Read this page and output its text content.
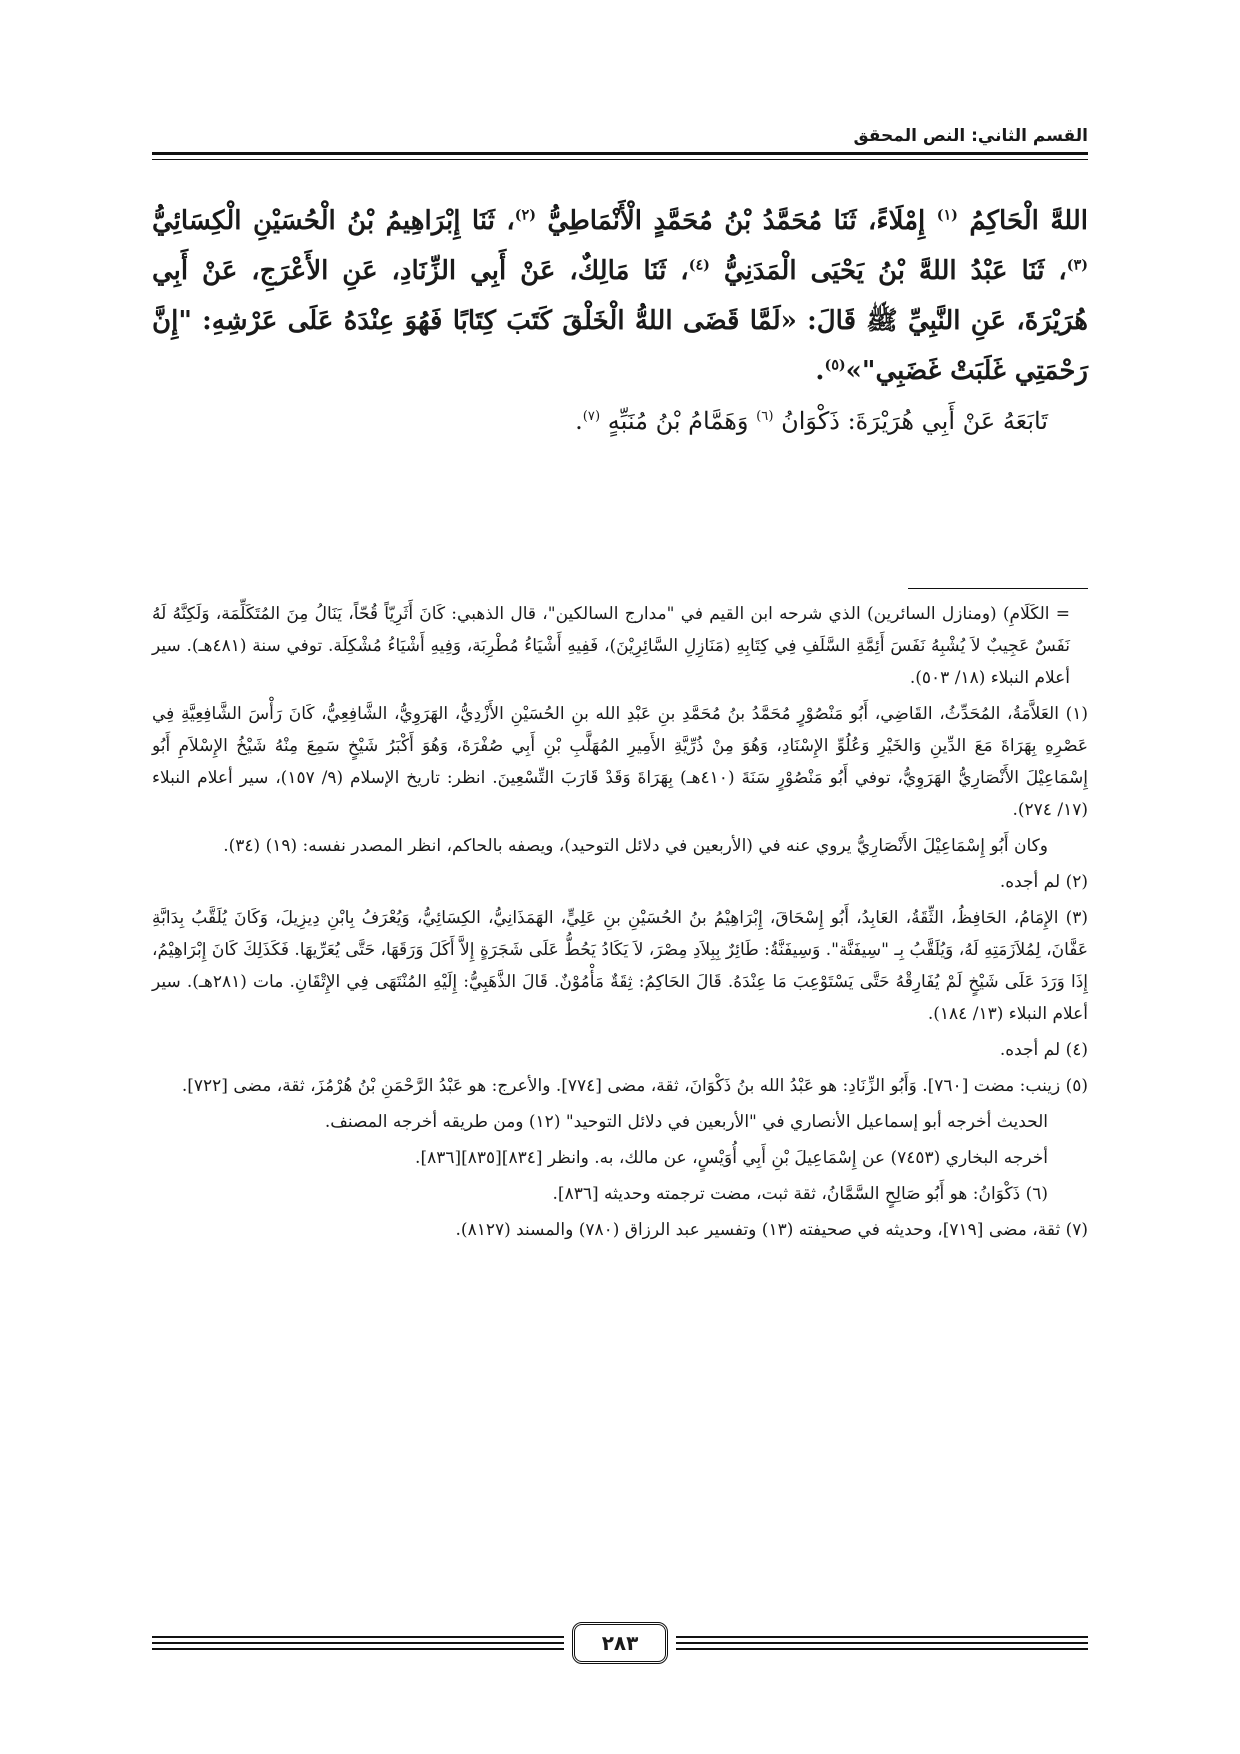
القسم الثاني: النص المحقق

اللهَّ الْحَاكِمُ $^{(١)}$ إِمْلَاءً، ثَنَا مُحَمَّدُ بْنُ مُحَمَّدٍ الْأَنْمَاطِيُّ $^{(٢)}$، ثَنَا إِبْرَاهِيمُ بْنُ الْحُسَيْنِ الْكِسَائِيُّ $^{(٣)}$، ثَنَا عَبْدُ اللهَّ بْنُ يَحْيَى الْمَدَنِيُّ $^{(٤)}$، ثَنَا مَالِكٌ، عَنْ أَبِي الزِّنَادِ، عَنِ الأَعْرَجِ، عَنْ أَبِي هُرَيْرَةَ، عَنِ النَّبِيِّ ﷺ قَالَ: «لَمَّا قَضَى اللهُّ الْخَلْقَ كَتَبَ كِتَابًا فَهُوَ عِنْدَهُ عَلَى عَرْشِهِ: "إِنَّ رَحْمَتِي غَلَبَتْ غَضَبِي"»$^{(٥)}$.

تَابَعَهُ عَنْ أَبِي هُرَيْرَةَ: ذَكْوَانُ $^{(٦)}$ وَهَمَّامُ بْنُ مُنَبِّهٍ $^{(٧)}$.

= الكَلَامِ) (ومنازل السائرين) الذي شرحه ابن القيم في "مدارج السالكين"، قال الذهبي: كَانَ أَثَرِيّاً قُحّاً، يَنَالُ مِنَ المُتَكَلِّمَة، وَلَكِنَّهُ لَهُ نَفَسٌ عَجِيبٌ لاَ يُشْبِهُ نَفَسَ أَئِمَّةِ السَّلَفِ فِي كِتَابِهِ (مَنَازِلِ السَّائِرِيْنَ)، فَفِيهِ أَشْيَاءُ مُطْرِبَة، وَفِيهِ أَشْيَاءُ مُشْكِلَة. توفي سنة (٤٨١هـ). سير أعلام النبلاء (١٨/ ٥٠٣).

(١) العَلاَّمَةُ، المُحَدِّثُ، القَاضِي، أَبُو مَنْصُوْرٍ مُحَمَّدُ بنُ مُحَمَّدِ بنِ عَبْدِ الله بنِ الحُسَيْنِ الأَزْدِيُّ، الهَرَوِيُّ، الشَّافِعِيُّ، كَانَ رَأْسَ الشَّافِعِيَّةِ فِي عَصْرِهِ بِهَرَاةَ مَعَ الدِّينِ وَالخَيْرِ وَعُلُوِّ الإِسْنَادِ، وَهُوَ مِنْ ذُرِّيَّةِ الأَمِيرِ المُهَلَّبِ بْنِ أَبِي صُفْرَةَ، وَهُوَ أَكْبَرُ شَيْخٍ سَمِعَ مِنْهُ شَيْخُ الإِسْلاَمِ أَبُو إِسْمَاعِيْلَ الأَنْصَارِيُّ الهَرَوِيُّ، توفي أَبُو مَنْصُوْرٍ سَنَةَ (٤١٠هـ) بِهَرَاةَ وَقَدْ قَارَبَ التِّسْعِينَ. انظر: تاريخ الإسلام (٩/ ١٥٧)، سير أعلام النبلاء (١٧/ ٢٧٤).

وكان أَبُو إِسْمَاعِيْلَ الأَنْصَارِيُّ يروي عنه في (الأربعين في دلائل التوحيد)، ويصفه بالحاكم، انظر المصدر نفسه: (١٩) (٣٤).

(٢) لم أجده.

(٣) الإِمَامُ، الحَافِظُ، الثِّقَةُ، العَابِدُ، أَبُو إِسْحَاقَ، إِبْرَاهِيْمُ بنُ الحُسَيْنِ بنِ عَلِيٍّ، الهَمَذَانِيُّ، الكِسَائِيُّ، وَيُعْرَفُ بِابْنِ دِيزِيلَ، وَكَانَ يُلَقَّبُ بِدَابَّةِ عَفَّانَ، لِمُلاَزَمَتِهِ لَهُ، وَيُلَقَّبُ بِـ "سِيفَنَّة". وَسِيفَنَّةُ: طَائِرٌ بِبِلاَدِ مِصْرَ، لاَ يَكَادُ يَحُطُّ عَلَى شَجَرَةٍ إِلاَّ أَكَلَ وَرَقَهَا، حَتَّى يُعَرِّيهَا. فَكَذَلِكَ كَانَ إِبْرَاهِيْمُ، إِذَا وَرَدَ عَلَى شَيْخٍ لَمْ يُفَارِقْهُ حَتَّى يَسْتَوْعِبَ مَا عِنْدَهُ. قَالَ الحَاكِمُ: ثِقَةٌ مَأْمُوْنٌ. قَالَ الذَّهَبِيُّ: إِلَيْهِ المُنْتَهَى فِي الإِتْقَانِ. مات (٢٨١هـ). سير أعلام النبلاء (١٣/ ١٨٤).

(٤) لم أجده.

(٥) زينب: مضت [٧٦٠]. وَأَبُو الزِّنَادِ: هو عَبْدُ الله بنُ ذَكْوَانَ، ثقة، مضى [٧٧٤]. والأعرج: هو عَبْدُ الرَّحْمَنِ بْنُ هُرْمُزَ، ثقة، مضى [٧٢٢].

الحديث أخرجه أبو إسماعيل الأنصاري في "الأربعين في دلائل التوحيد" (١٢) ومن طريقه أخرجه المصنف.

أخرجه البخاري (٧٤٥٣) عن إِسْمَاعِيلَ بْنِ أَبِي أُوَيْسٍ، عن مالك، به. وانظر [٨٣٤][٨٣٥][٨٣٦].

(٦) ذَكْوَانُ: هو أَبُو صَالِحٍ السَّمَّانُ، ثقة ثبت، مضت ترجمته وحديثه [٨٣٦].

(٧) ثقة، مضى [٧١٩]، وحديثه في صحيفته (١٣) وتفسير عبد الرزاق (٧٨٠) والمسند (٨١٢٧).

٢٨٣
